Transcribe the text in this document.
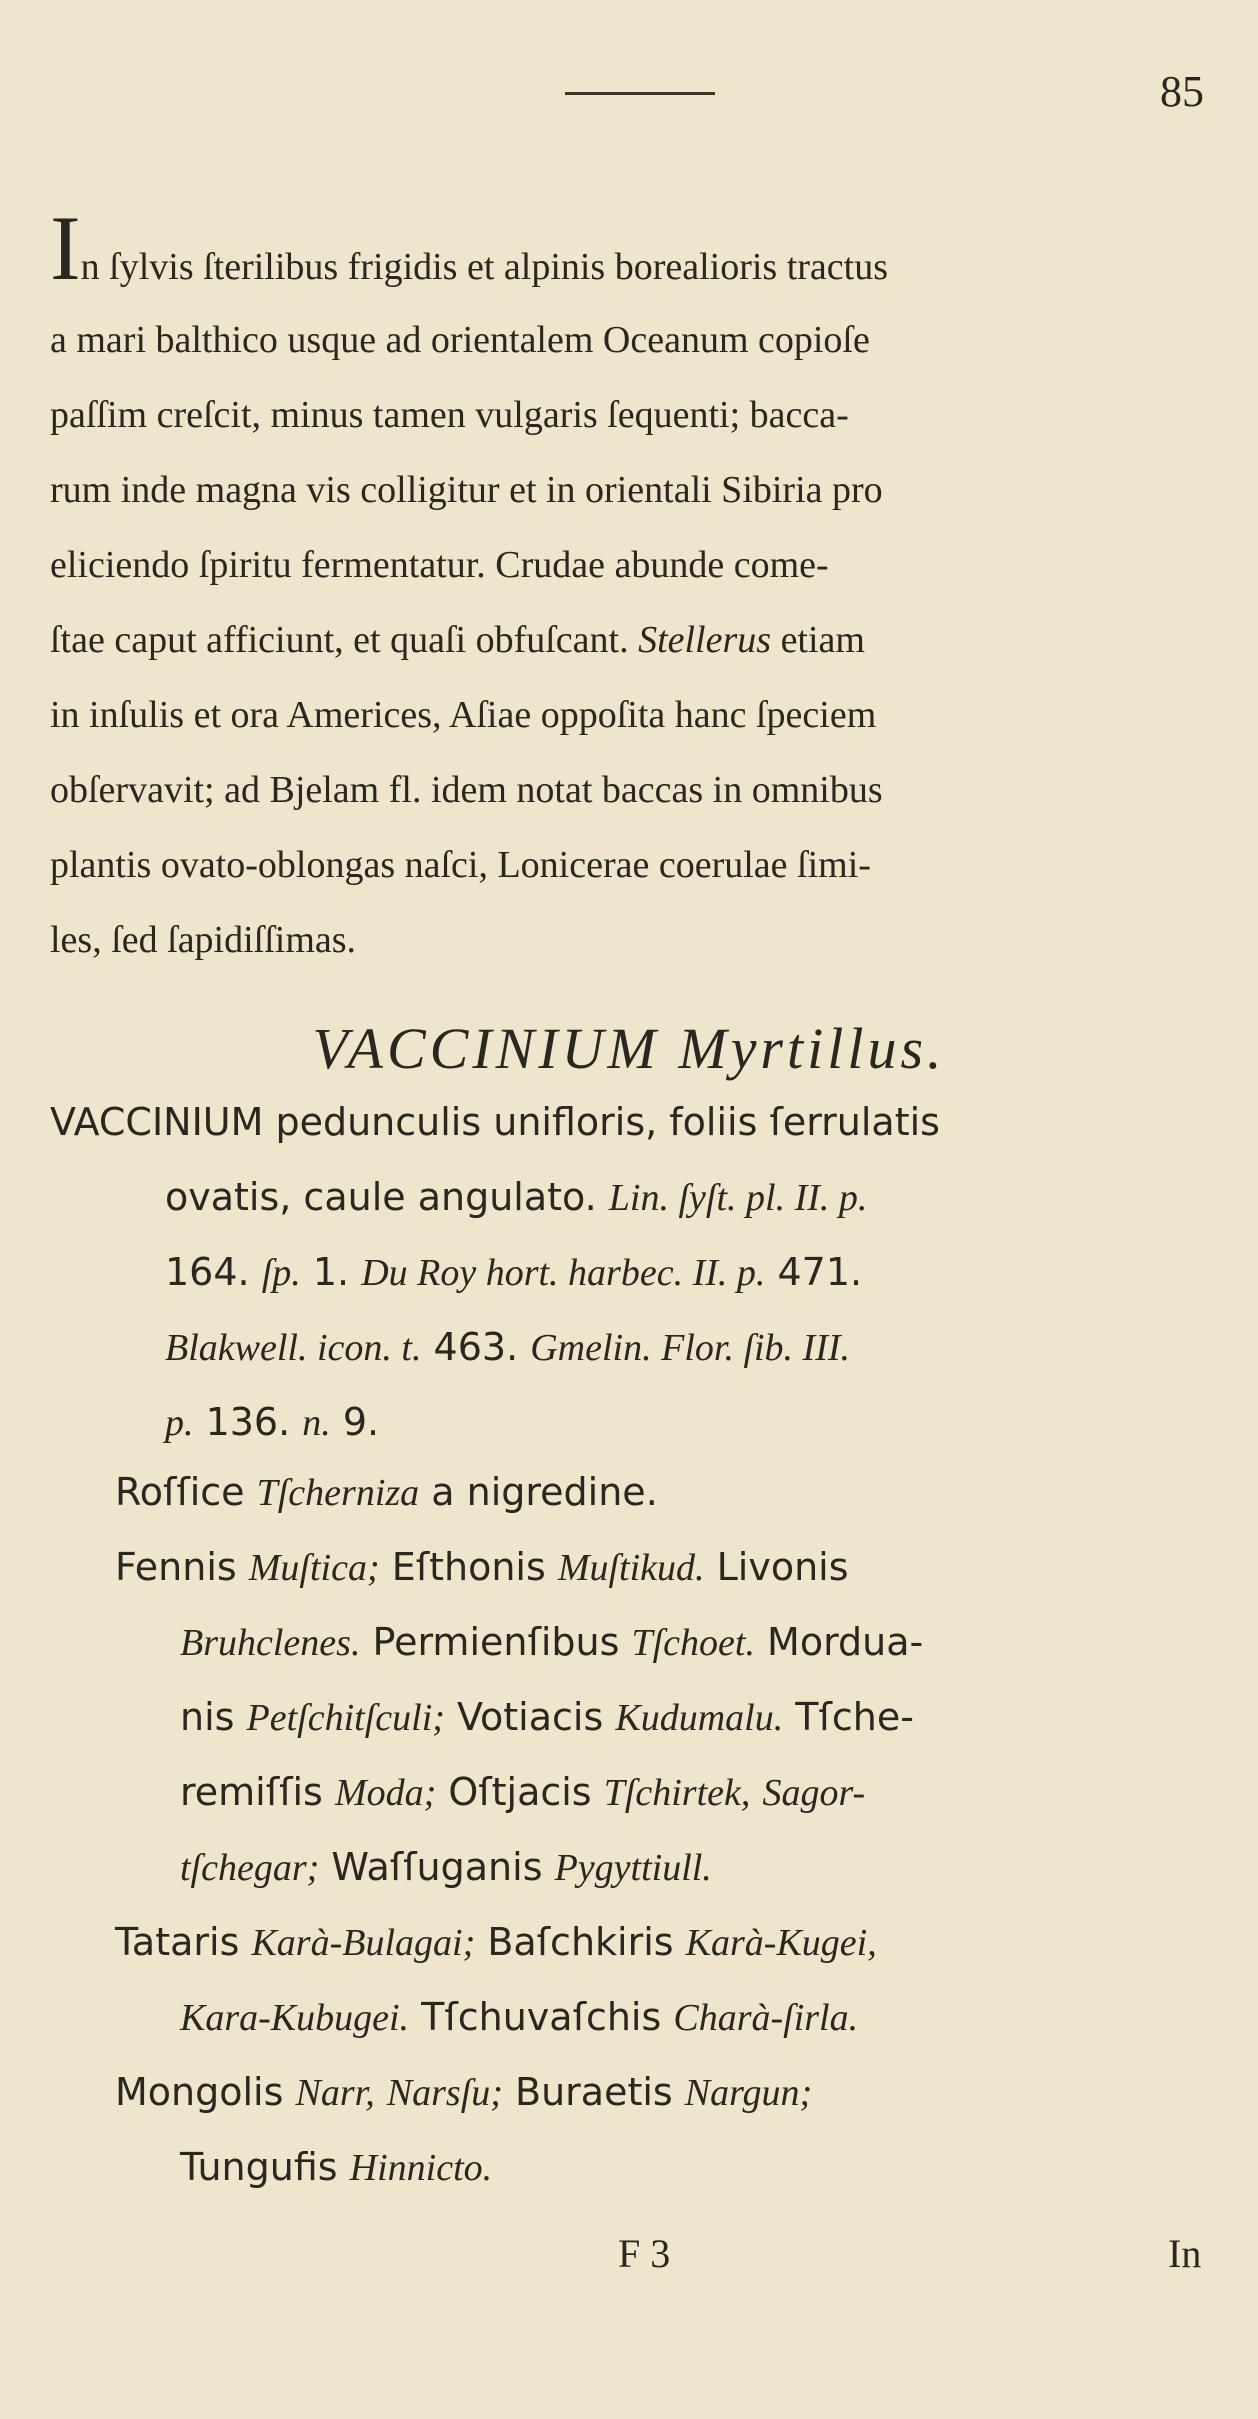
85
In ſylvis ſterilibus frigidis et alpinis borealioris tractus
a mari balthico usque ad orientalem Oceanum copioſe
paſſim creſcit, minus tamen vulgaris ſequenti; bacca-
rum inde magna vis colligitur et in orientali Sibiria pro
eliciendo ſpiritu fermentatur. Crudae abunde come-
ſtae caput afficiunt, et quaſi obfuſcant. Stellerus etiam
in inſulis et ora Americes, Aſiae oppoſita hanc ſpeciem
obſervavit; ad Bjelam fl. idem notat baccas in omnibus
plantis ovato-oblongas naſci, Lonicerae coerulae ſimi-
les, ſed ſapidiſſimas.
VACCINIUM Myrtillus.
VACCINIUM pedunculis unifloris, foliis ſerrulatis
ovatis, caule angulato. Lin. ſyſt. pl. II. p.
164. ſp. 1. Du Roy hort. harbec. II. p. 471.
Blakwell. icon. t. 463. Gmelin. Flor. ſib. III.
p. 136. n. 9.
Roſſice Tſcherniza a nigredine.
Fennis Muſtica; Eſthonis Muſtikud. Livonis
Bruhclenes. Permienſibus Tſchoet. Mordua-
nis Petſchitſculi; Votiacis Kudumalu. Tſche-
remiſſis Moda; Oſtjacis Tſchirtek, Sagor-
tſchegar; Waſſuganis Pygyttiull.
Tataris Karà-Bulagai; Baſchkiris Karà-Kugei,
Kara-Kubugei. Tſchuvaſchis Charà-ſirla.
Mongolis Narr, Narsſu; Buraetis Nargun;
Tungufis Hinnicto.
F 3	In
